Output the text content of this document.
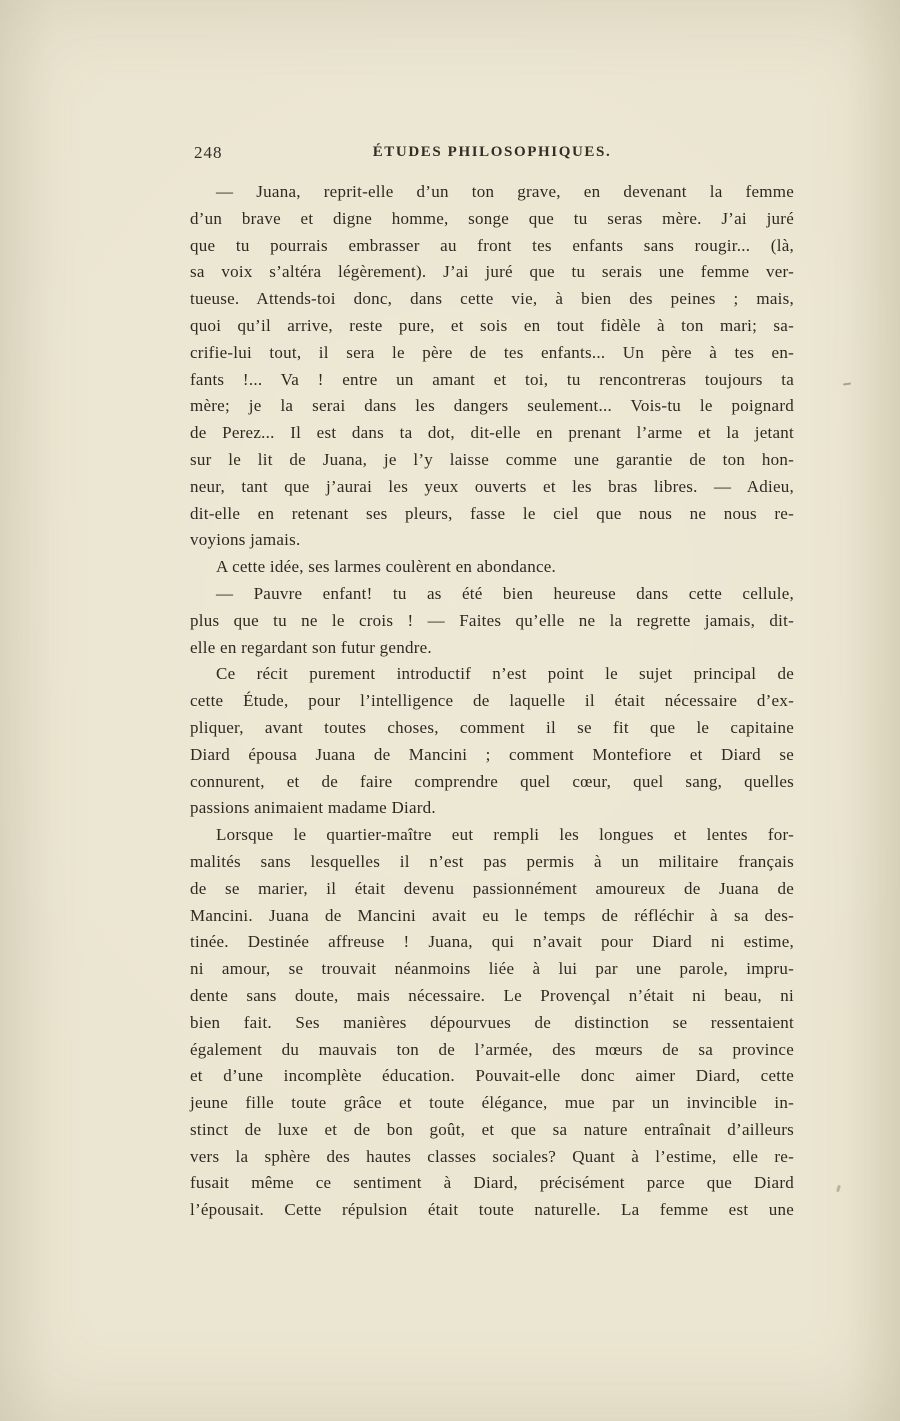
248	ÉTUDES PHILOSOPHIQUES.

— Juana, reprit-elle d’un ton grave, en devenant la femme
d’un brave et digne homme, songe que tu seras mère. J’ai juré
que tu pourrais embrasser au front tes enfants sans rougir... (là,
sa voix s’altéra légèrement). J’ai juré que tu serais une femme ver-
tueuse. Attends-toi donc, dans cette vie, à bien des peines ; mais,
quoi qu’il arrive, reste pure, et sois en tout fidèle à ton mari; sa-
crifie-lui tout, il sera le père de tes enfants... Un père à tes en-
fants !... Va ! entre un amant et toi, tu rencontreras toujours ta
mère; je la serai dans les dangers seulement... Vois-tu le poignard
de Perez... Il est dans ta dot, dit-elle en prenant l’arme et la jetant
sur le lit de Juana, je l’y laisse comme une garantie de ton hon-
neur, tant que j’aurai les yeux ouverts et les bras libres. — Adieu,
dit-elle en retenant ses pleurs, fasse le ciel que nous ne nous re-
voyions jamais.

A cette idée, ses larmes coulèrent en abondance.

— Pauvre enfant! tu as été bien heureuse dans cette cellule,
plus que tu ne le crois ! — Faites qu’elle ne la regrette jamais, dit-
elle en regardant son futur gendre.

Ce récit purement introductif n’est point le sujet principal de
cette Étude, pour l’intelligence de laquelle il était nécessaire d’ex-
pliquer, avant toutes choses, comment il se fit que le capitaine
Diard épousa Juana de Mancini ; comment Montefiore et Diard se
connurent, et de faire comprendre quel cœur, quel sang, quelles
passions animaient madame Diard.

Lorsque le quartier-maître eut rempli les longues et lentes for-
malités sans lesquelles il n’est pas permis à un militaire français
de se marier, il était devenu passionnément amoureux de Juana de
Mancini. Juana de Mancini avait eu le temps de réfléchir à sa des-
tinée. Destinée affreuse ! Juana, qui n’avait pour Diard ni estime,
ni amour, se trouvait néanmoins liée à lui par une parole, impru-
dente sans doute, mais nécessaire. Le Provençal n’était ni beau, ni
bien fait. Ses manières dépourvues de distinction se ressentaient
également du mauvais ton de l’armée, des mœurs de sa province
et d’une incomplète éducation. Pouvait-elle donc aimer Diard, cette
jeune fille toute grâce et toute élégance, mue par un invincible in-
stinct de luxe et de bon goût, et que sa nature entraînait d’ailleurs
vers la sphère des hautes classes sociales? Quant à l’estime, elle re-
fusait même ce sentiment à Diard, précisément parce que Diard
l’épousait. Cette répulsion était toute naturelle. La femme est une
